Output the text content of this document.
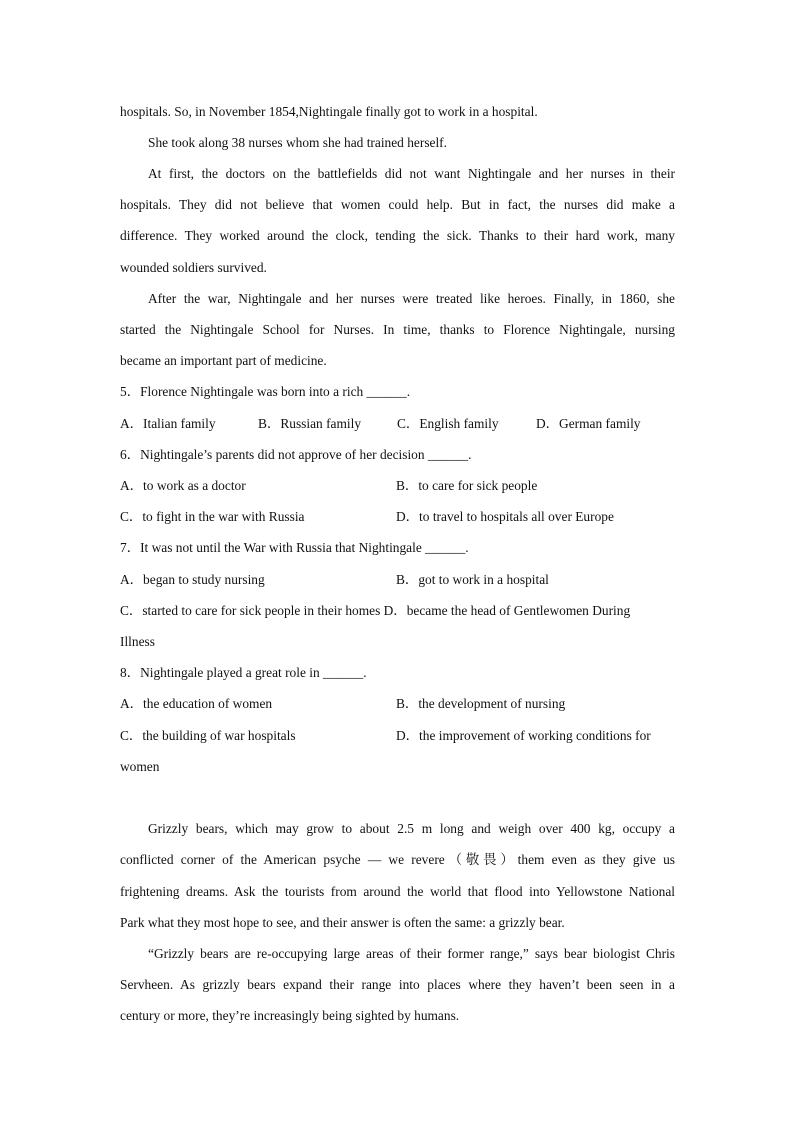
hospitals. So, in November 1854,Nightingale finally got to work in a hospital.
She took along 38 nurses whom she had trained herself.
At first, the doctors on the battlefields did not want Nightingale and her nurses in their
hospitals. They did not believe that women could help. But in fact, the nurses did make a
difference. They worked around the clock, tending the sick. Thanks to their hard work, many
wounded soldiers survived.
After the war, Nightingale and her nurses were treated like heroes. Finally, in 1860, she
started the Nightingale School for Nurses. In time, thanks to Florence Nightingale, nursing
became an important part of medicine.
5．Florence Nightingale was born into a rich ______.
A．Italian family	B．Russian family	C．English family	D．German family
6．Nightingale’s parents did not approve of her decision ______.
A．to work as a doctor	B．to care for sick people
C．to fight in the war with Russia	D．to travel to hospitals all over Europe
7．It was not until the War with Russia that Nightingale ______.
A．began to study nursing	B．got to work in a hospital
C．started to care for sick people in their homes D．became the head of Gentlewomen During
Illness
8．Nightingale played a great role in ______.
A．the education of women	B．the development of nursing
C．the building of war hospitals	D．the improvement of working conditions for
women
Grizzly bears, which may grow to about 2.5 m long and weigh over 400 kg, occupy a
conflicted corner of the American psyche — we revere（敬畏）them even as they give us
frightening dreams. Ask the tourists from around the world that flood into Yellowstone National
Park what they most hope to see, and their answer is often the same: a grizzly bear.
“Grizzly bears are re-occupying large areas of their former range,” says bear biologist Chris
Servheen. As grizzly bears expand their range into places where they haven’t been seen in a
century or more, they’re increasingly being sighted by humans.
